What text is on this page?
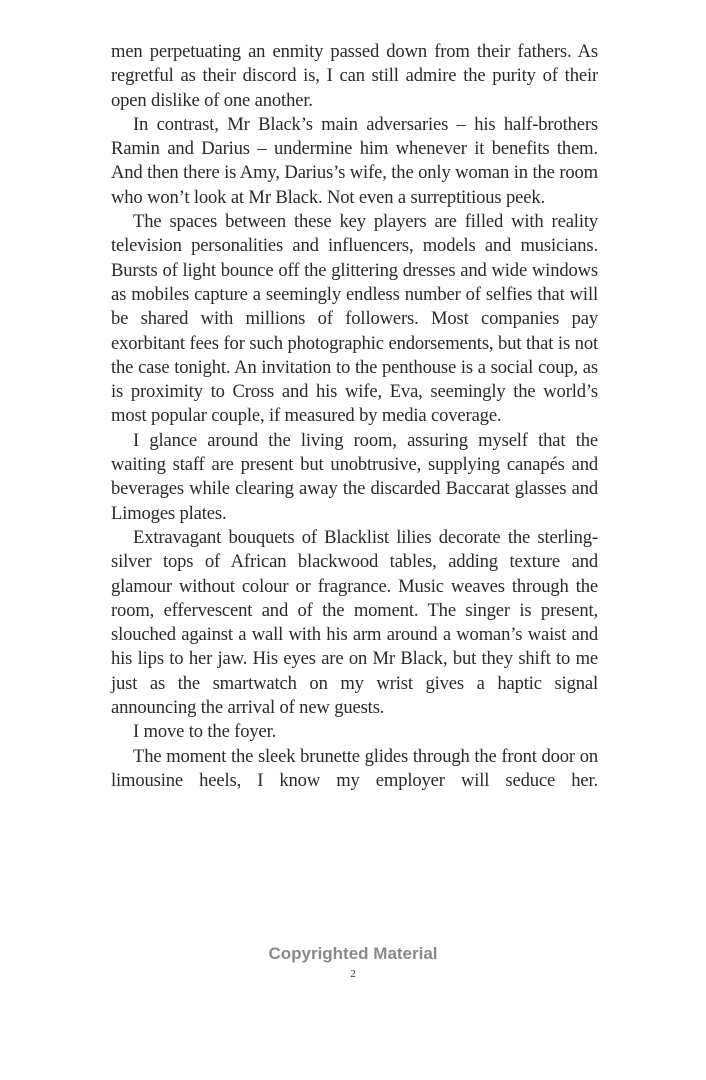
men perpetuating an enmity passed down from their fathers. As regretful as their discord is, I can still admire the purity of their open dislike of one another.

In contrast, Mr Black’s main adversaries – his half-brothers Ramin and Darius – undermine him whenever it benefits them. And then there is Amy, Darius’s wife, the only woman in the room who won’t look at Mr Black. Not even a surreptitious peek.

The spaces between these key players are filled with reality television personalities and influencers, models and musicians. Bursts of light bounce off the glittering dresses and wide windows as mobiles capture a seemingly endless number of selfies that will be shared with millions of followers. Most companies pay exorbitant fees for such photographic endorsements, but that is not the case tonight. An invitation to the penthouse is a social coup, as is proximity to Cross and his wife, Eva, seemingly the world’s most popular couple, if measured by media coverage.

I glance around the living room, assuring myself that the waiting staff are present but unobtrusive, supplying canapés and beverages while clearing away the discarded Baccarat glasses and Limoges plates.

Extravagant bouquets of Blacklist lilies decorate the sterling-silver tops of African blackwood tables, adding texture and glamour without colour or fragrance. Music weaves through the room, effervescent and of the moment. The singer is present, slouched against a wall with his arm around a woman’s waist and his lips to her jaw. His eyes are on Mr Black, but they shift to me just as the smartwatch on my wrist gives a haptic signal announcing the arrival of new guests.

I move to the foyer.

The moment the sleek brunette glides through the front door on limousine heels, I know my employer will seduce her.

Copyrighted Material
2
